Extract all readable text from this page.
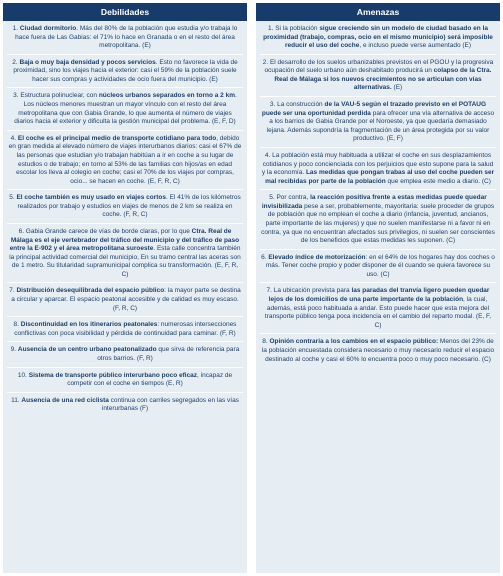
Debilidades

1. Ciudad dormitorio. Más del 80% de la población que estudia y/o trabaja lo hace fuera de Las Gabias: el 71% lo hace en Granada o en el resto del área metropolitana. (E)

2. Baja o muy baja densidad y pocos servicios. Esto no favorece la vida de proximidad, sino los viajes hacia el exterior: casi el 59% de la población suele hacer sus compras y actividades de ocio fuera del municipio. (E)

3. Estructura polinuclear, con núcleos urbanos separados en torno a 2 km. Los núcleos menores muestran un mayor vínculo con el resto del área metropolitana que con Gabia Grande, lo que aumenta el número de viajes diarios hacia el exterior y dificulta la gestión municipal del problema. (E, F, D)

4. El coche es el principal medio de transporte cotidiano para todo, debido en gran medida al elevado número de viajes interurbanos diarios: casi el 67% de las personas que estudian y/o trabajan habitúan a ir en coche a su lugar de estudios o de trabajo; en torno al 53% de las familias con hijos/as en edad escolar los lleva al colegio en coche; casi el 70% de los viajes por compras, ocio... se hacen en coche. (E, F, R, C)

5. El coche también es muy usado en viajes cortos. El 41% de los kilómetros realizados por trabajo y estudios en viajes de menos de 2 km se realiza en coche. (F, R, C)

6. Gabia Grande carece de vías de borde claras, por lo que Ctra. Real de Málaga es el eje vertebrador del tráfico del municipio y del tráfico de paso entre la E-902 y el área metropolitana suroeste. Esta calle concentra también la principal actividad comercial del municipio, En su tramo central las aceras son de 1 metro. Su titularidad supramunicipal complica su transformación. (E, F, R, C)

7. Distribución desequilibrada del espacio público: la mayor parte se destina a circular y aparcar. El espacio peatonal accesible y de calidad es muy escaso. (F, R, C)

8. Discontinuidad en los itinerarios peatonales: numerosas intersecciones conflictivas con poca visibilidad y pérdida de continuidad para caminar. (F, R)

9. Ausencia de un centro urbano peatonalizado que sirva de referencia para otros barrios. (F, R)

10. Sistema de transporte público interurbano poco eficaz, incapaz de competir con el coche en tiempos (E, R)

11. Ausencia de una red ciclista continua con carriles segregados en las vías interurbanas (F)

Amenazas

1. Si la población sigue creciendo sin un modelo de ciudad basado en la proximidad (trabajo, compras, ocio en el mismo municipio) será imposible reducir el uso del coche, e incluso puede verse aumentado (E)

2. El desarrollo de los suelos urbanizables previstos en el PGOU y la progresiva ocupación del suelo urbano aún deshabitado producirá un colapso de la Ctra. Real de Málaga si los nuevos crecimientos no se articulan con vías alternativas. (E)

3. La construcción de la VAU-5 según el trazado previsto en el POTAUG puede ser una oportunidad perdida para ofrecer una vía alternativa de acceso a los barrios de Gabia Grande por el Noroeste, ya que quedaría demasiado lejana. Además supondría la fragmentación de un área protegida por su valor productivo. (E, F)

4. La población está muy habituada a utilizar el coche en sus desplazamientos cotidianos y poco concienciada con los perjuicios que esto supone para la salud y la economía. Las medidas que pongan trabas al uso del coche pueden ser mal recibidas por parte de la población que emplea este medio a diario. (C)

5. Por contra, la reacción positiva frente a estas medidas puede quedar invisibilizada pese a ser, probablemente, mayoritaria: suele proceder de grupos de población que no emplean el coche a diario (infancia, juventud, ancianos, parte importante de las mujeres) y que no suelen manifestarse ni a favor ni en contra, ya que no encuentran afectados sus privilegios, ni suelen ser conscientes de los beneficios que estas medidas les suponen. (C)

6. Elevado índice de motorización: en el 64% de los hogares hay dos coches o más. Tener coche propio y poder disponer de él cuando se quiera favorece su uso. (C)

7. La ubicación prevista para las paradas del tranvía ligero pueden quedar lejos de los domicilios de una parte importante de la población, la cual, además, está poco habituada a andar. Esto puede hacer que esta mejora del transporte público tenga poca incidencia en el cambio del reparto modal. (E, F, C)

8. Opinión contraria a los cambios en el espacio público: Menos del 23% de la población encuestada considera necesario o muy necesario reducir el espacio destinado al coche y casi el 60% lo encuentra poco o muy poco necesario. (C)
